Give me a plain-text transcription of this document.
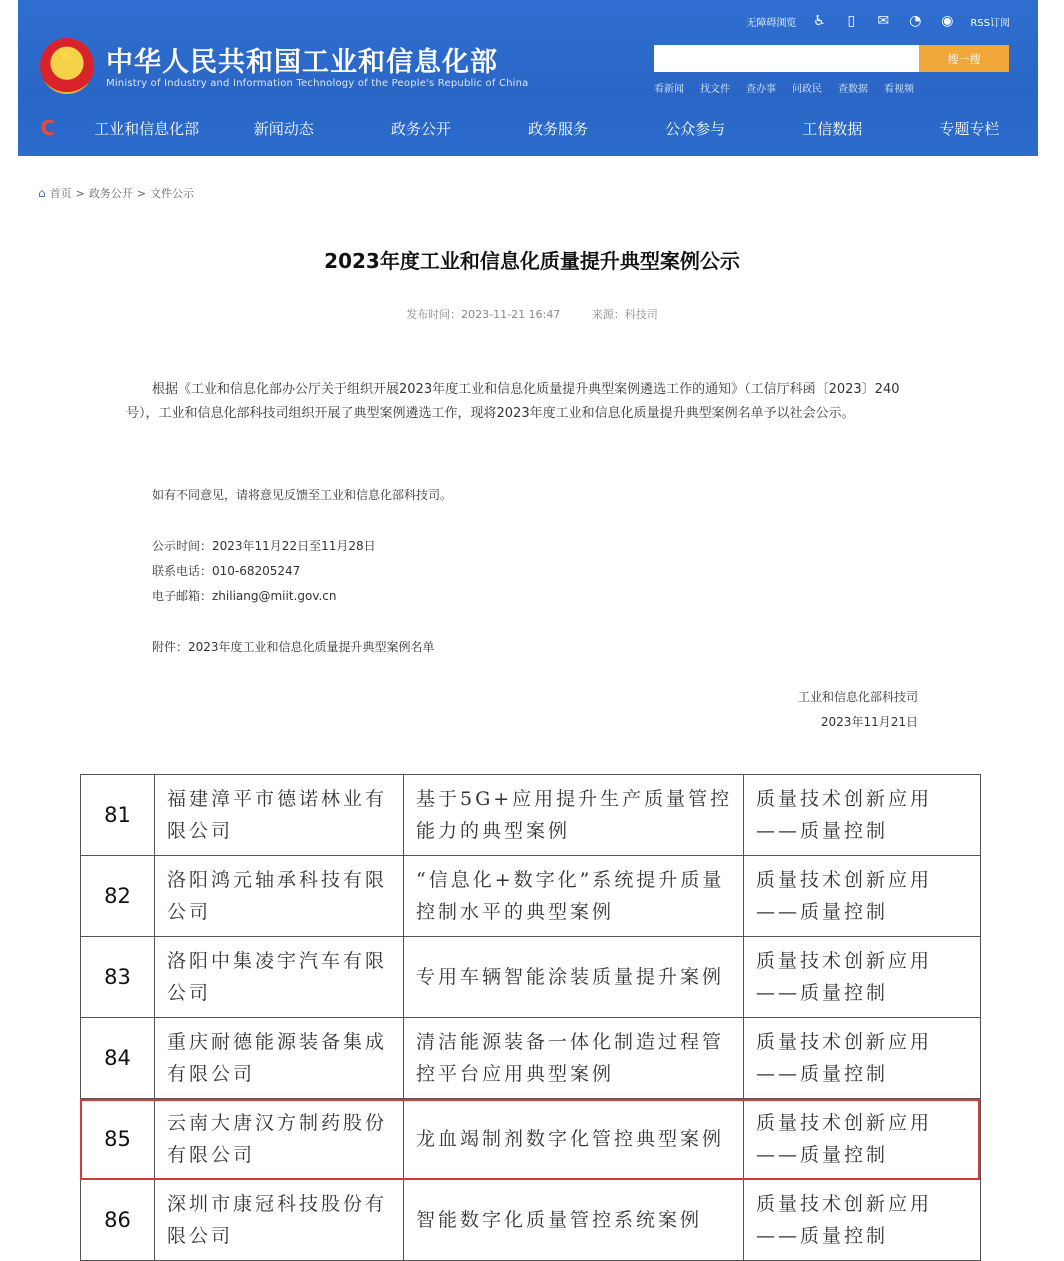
★ 中华人民共和国工业和信息化部
Ministry of Industry and Information Technology of the People's Republic of China
无障碍浏览 ♿	▯	✉ ◔ ◉ RSS订阅
搜一搜
看新闻 找文件 查办事 问政民 查数据 看视频
C	工业和信息化部	新闻动态	政务公开	政务服务	公众参与	工信数据	专题专栏
⌂ 首页 > 政务公开 > 文件公示
2023年度工业和信息化质量提升典型案例公示
发布时间：2023-11-21 16:47	来源：科技司
根据《工业和信息化部办公厅关于组织开展2023年度工业和信息化质量提升典型案例遴选工作的通知》（工信厅科函〔2023〕240号），工业和信息化部科技司组织开展了典型案例遴选工作，现将2023年度工业和信息化质量提升典型案例名单予以社会公示。
如有不同意见，请将意见反馈至工业和信息化部科技司。
公示时间：2023年11月22日至11月28日
联系电话：010-68205247
电子邮箱：zhiliang@miit.gov.cn
附件：2023年度工业和信息化质量提升典型案例名单
工业和信息化部科技司
2023年11月21日
81	福建漳平市德诺林业有限公司	基于5G+应用提升生产质量管控能力的典型案例	质量技术创新应用——质量控制
82	洛阳鸿元轴承科技有限公司	“信息化+数字化”系统提升质量控制水平的典型案例	质量技术创新应用——质量控制
83	洛阳中集凌宇汽车有限公司	专用车辆智能涂装质量提升案例	质量技术创新应用——质量控制
84	重庆耐德能源装备集成有限公司	清洁能源装备一体化制造过程管控平台应用典型案例	质量技术创新应用——质量控制
85	云南大唐汉方制药股份有限公司	龙血竭制剂数字化管控典型案例	质量技术创新应用——质量控制
86	深圳市康冠科技股份有限公司	智能数字化质量管控系统案例	质量技术创新应用——质量控制
